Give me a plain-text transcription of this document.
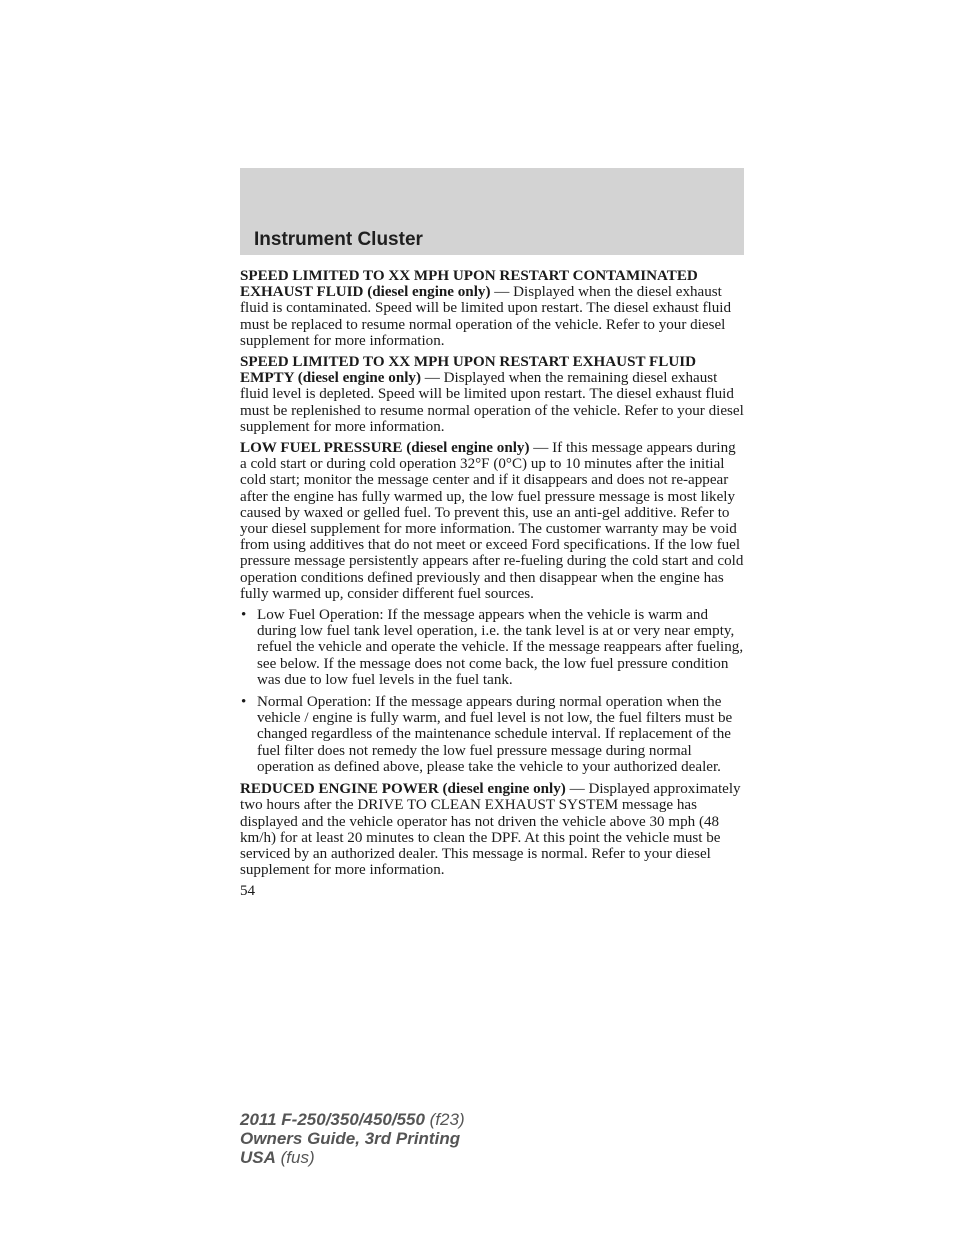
Instrument Cluster

SPEED LIMITED TO XX MPH UPON RESTART CONTAMINATED EXHAUST FLUID (diesel engine only) — Displayed when the diesel exhaust fluid is contaminated. Speed will be limited upon restart. The diesel exhaust fluid must be replaced to resume normal operation of the vehicle. Refer to your diesel supplement for more information.

SPEED LIMITED TO XX MPH UPON RESTART EXHAUST FLUID EMPTY (diesel engine only) — Displayed when the remaining diesel exhaust fluid level is depleted. Speed will be limited upon restart. The diesel exhaust fluid must be replenished to resume normal operation of the vehicle. Refer to your diesel supplement for more information.

LOW FUEL PRESSURE (diesel engine only) — If this message appears during a cold start or during cold operation 32°F (0°C) up to 10 minutes after the initial cold start; monitor the message center and if it disappears and does not re-appear after the engine has fully warmed up, the low fuel pressure message is most likely caused by waxed or gelled fuel. To prevent this, use an anti-gel additive. Refer to your diesel supplement for more information. The customer warranty may be void from using additives that do not meet or exceed Ford specifications. If the low fuel pressure message persistently appears after re-fueling during the cold start and cold operation conditions defined previously and then disappear when the engine has fully warmed up, consider different fuel sources.

• Low Fuel Operation: If the message appears when the vehicle is warm and during low fuel tank level operation, i.e. the tank level is at or very near empty, refuel the vehicle and operate the vehicle. If the message reappears after fueling, see below. If the message does not come back, the low fuel pressure condition was due to low fuel levels in the fuel tank.
• Normal Operation: If the message appears during normal operation when the vehicle / engine is fully warm, and fuel level is not low, the fuel filters must be changed regardless of the maintenance schedule interval. If replacement of the fuel filter does not remedy the low fuel pressure message during normal operation as defined above, please take the vehicle to your authorized dealer.

REDUCED ENGINE POWER (diesel engine only) — Displayed approximately two hours after the DRIVE TO CLEAN EXHAUST SYSTEM message has displayed and the vehicle operator has not driven the vehicle above 30 mph (48 km/h) for at least 20 minutes to clean the DPF. At this point the vehicle must be serviced by an authorized dealer. This message is normal. Refer to your diesel supplement for more information.

54

2011 F-250/350/450/550 (f23)
Owners Guide, 3rd Printing
USA (fus)
